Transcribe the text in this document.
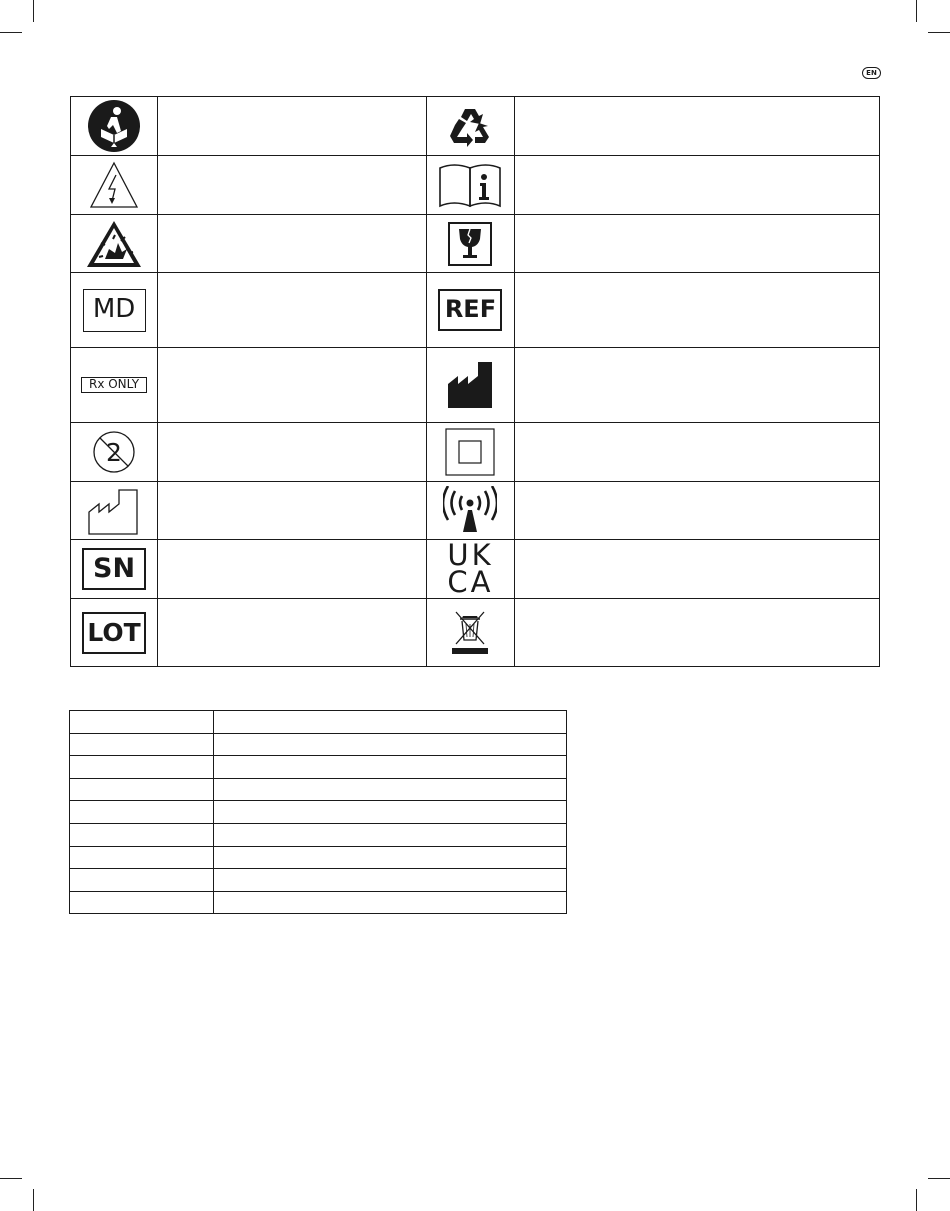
EN

MD		REF	
Rx ONLY			

2

SN		UK
CA	

LOT			
